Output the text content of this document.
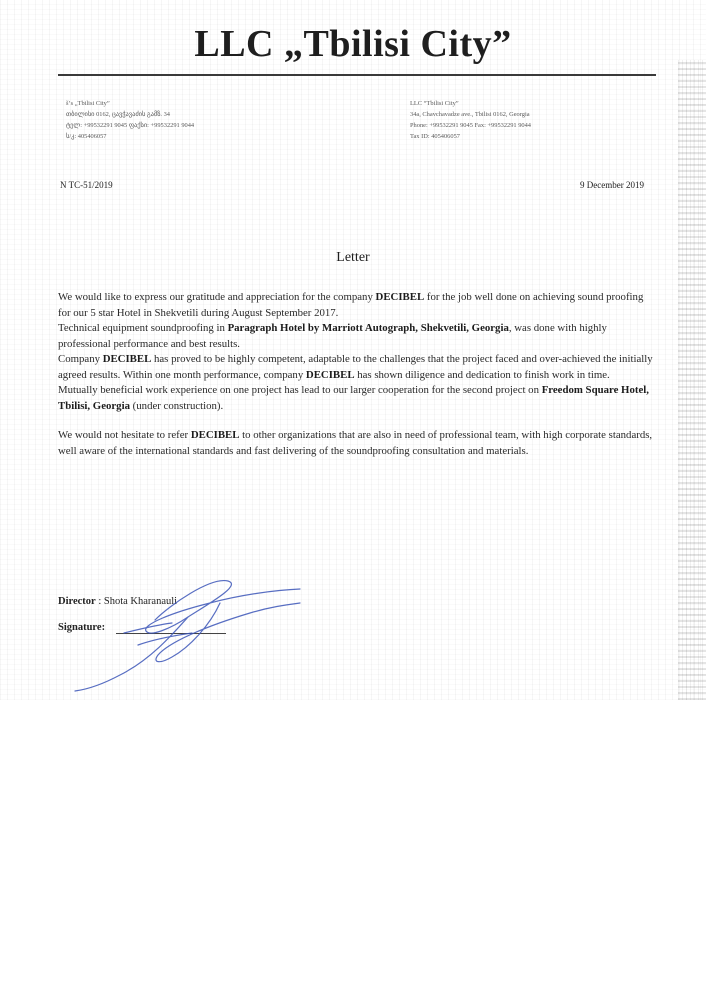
LLC „Tbilisi City”
šʼs „Tbilisi City”
თბილისი 0162, ცავჭავაძის გამზ. 34
ტელ: +99532291 9045 ფაქსი: +99532291 9044
ს/კ: 405406057
LLC “Tbilisi City”
34a, Chavchavadze ave., Tbilisi 0162, Georgia
Phone: +99532291 9045 Fax: +99532291 9044
Tax ID: 405406057
N TC-51/2019	9 December 2019
Letter

We would like to express our gratitude and appreciation for the company DECIBEL for the job well done on achieving sound proofing for our 5 star Hotel in Shekvetili during August September 2017.

Technical equipment soundproofing in Paragraph Hotel by Marriott Autograph, Shekvetili, Georgia, was done with highly professional performance and best results.

Company DECIBEL has proved to be highly competent, adaptable to the challenges that the project faced and over-achieved the initially agreed results. Within one month performance, company DECIBEL has shown diligence and dedication to finish work in time.

Mutually beneficial work experience on one project has lead to our larger cooperation for the second project on Freedom Square Hotel, Tbilisi, Georgia (under construction).

We would not hesitate to refer DECIBEL to other organizations that are also in need of professional team, with high corporate standards, well aware of the international standards and fast delivering of the soundproofing consultation and materials.

Director : Shota Kharanauli
Signature:
